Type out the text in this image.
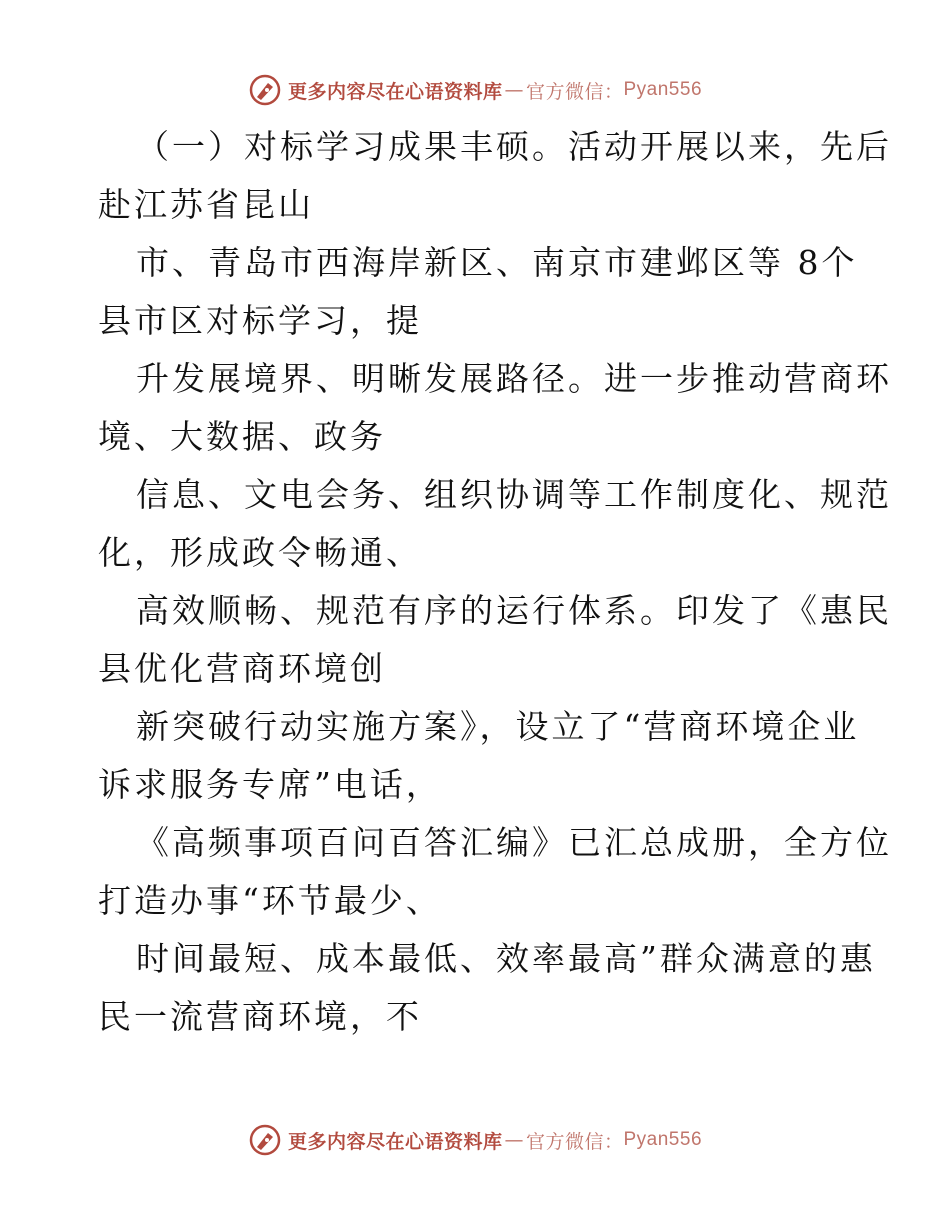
更多内容尽在心语资料库 — 官方微信： Pyan556
（一）对标学习成果丰硕。活动开展以来，先后
赴江苏省昆山
市、青岛市西海岸新区、南京市建邺区等 8个
县市区对标学习，提
升发展境界、明晰发展路径。进一步推动营商环
境、大数据、政务
信息、文电会务、组织协调等工作制度化、规范
化，形成政令畅通、
高效顺畅、规范有序的运行体系。印发了《惠民
县优化营商环境创
新突破行动实施方案》，设立了“营商环境企业
诉求服务专席”电话，
《高频事项百问百答汇编》已汇总成册，全方位
打造办事“环节最少、
时间最短、成本最低、效率最高”群众满意的惠
民一流营商环境，不
更多内容尽在心语资料库 — 官方微信： Pyan556
